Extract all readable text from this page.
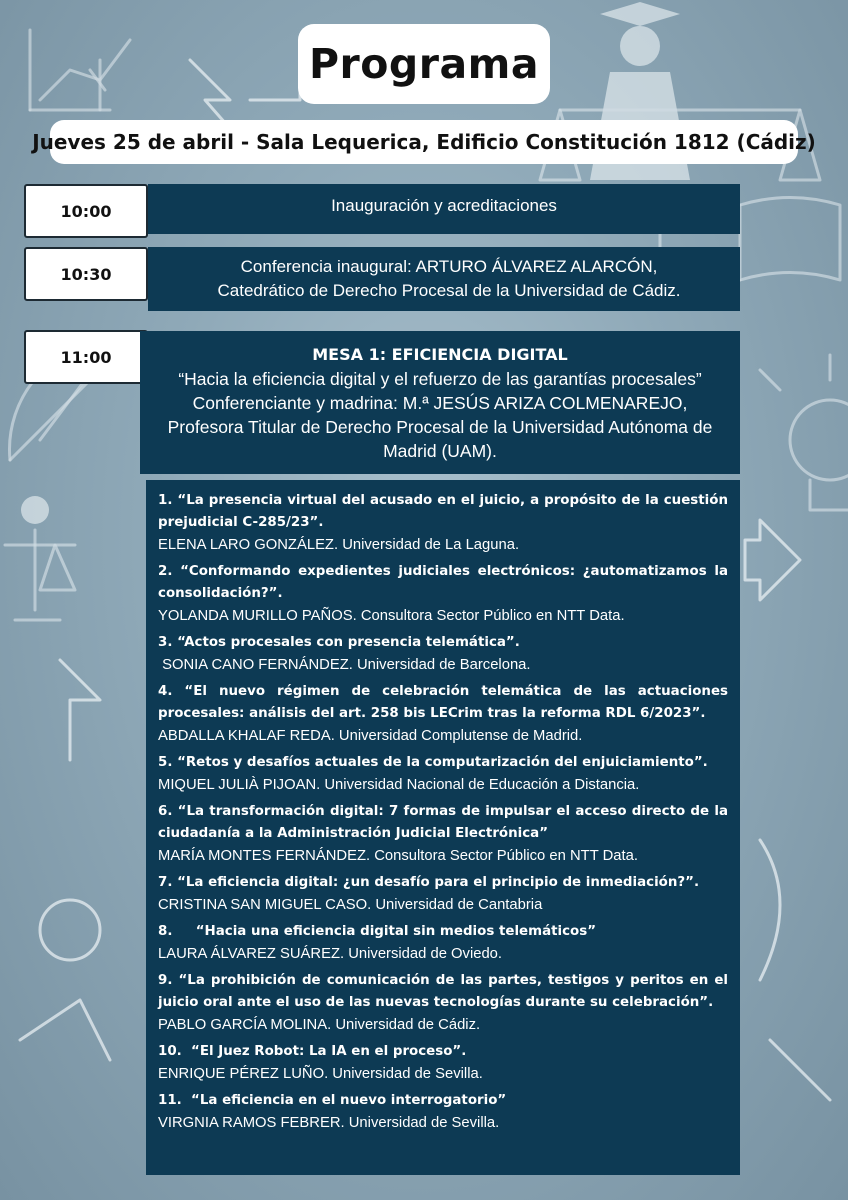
Programa
Jueves 25 de abril - Sala Lequerica, Edificio Constitución 1812 (Cádiz)
10:00	Inauguración y acreditaciones
10:30	Conferencia inaugural: ARTURO ÁLVAREZ ALARCÓN,
Catedrático de Derecho Procesal de la Universidad de Cádiz.
11:00	MESA 1: EFICIENCIA DIGITAL
“Hacia la eficiencia digital y el refuerzo de las garantías procesales”
Conferenciante y madrina: M.ª JESÚS ARIZA COLMENAREJO,
Profesora Titular de Derecho Procesal de la Universidad Autónoma de
Madrid (UAM).
1. “La presencia virtual del acusado en el juicio, a propósito de la cuestión prejudicial C-285/23”.
ELENA LARO GONZÁLEZ. Universidad de La Laguna.
2. “Conformando expedientes judiciales electrónicos: ¿automatizamos la consolidación?”.
YOLANDA MURILLO PAÑOS. Consultora Sector Público en NTT Data.
3. “Actos procesales con presencia telemática”.
SONIA CANO FERNÁNDEZ. Universidad de Barcelona.
4. “El nuevo régimen de celebración telemática de las actuaciones procesales: análisis del art. 258 bis LECrim tras la reforma RDL 6/2023”.
ABDALLA KHALAF REDA. Universidad Complutense de Madrid.
5. “Retos y desafíos actuales de la computarización del enjuiciamiento”.
MIQUEL JULIÀ PIJOAN. Universidad Nacional de Educación a Distancia.
6. “La transformación digital: 7 formas de impulsar el acceso directo de la ciudadanía a la Administración Judicial Electrónica”
MARÍA MONTES FERNÁNDEZ. Consultora Sector Público en NTT Data.
7. “La eficiencia digital: ¿un desafío para el principio de inmediación?”.
CRISTINA SAN MIGUEL CASO. Universidad de Cantabria
8.     “Hacia una eficiencia digital sin medios telemáticos”
LAURA ÁLVAREZ SUÁREZ. Universidad de Oviedo.
9. “La prohibición de comunicación de las partes, testigos y peritos en el juicio oral ante el uso de las nuevas tecnologías durante su celebración”.
PABLO GARCÍA MOLINA. Universidad de Cádiz.
10.  “El Juez Robot: La IA en el proceso”.
ENRIQUE PÉREZ LUÑO. Universidad de Sevilla.
11.  “La eficiencia en el nuevo interrogatorio”
VIRGNIA RAMOS FEBRER. Universidad de Sevilla.
